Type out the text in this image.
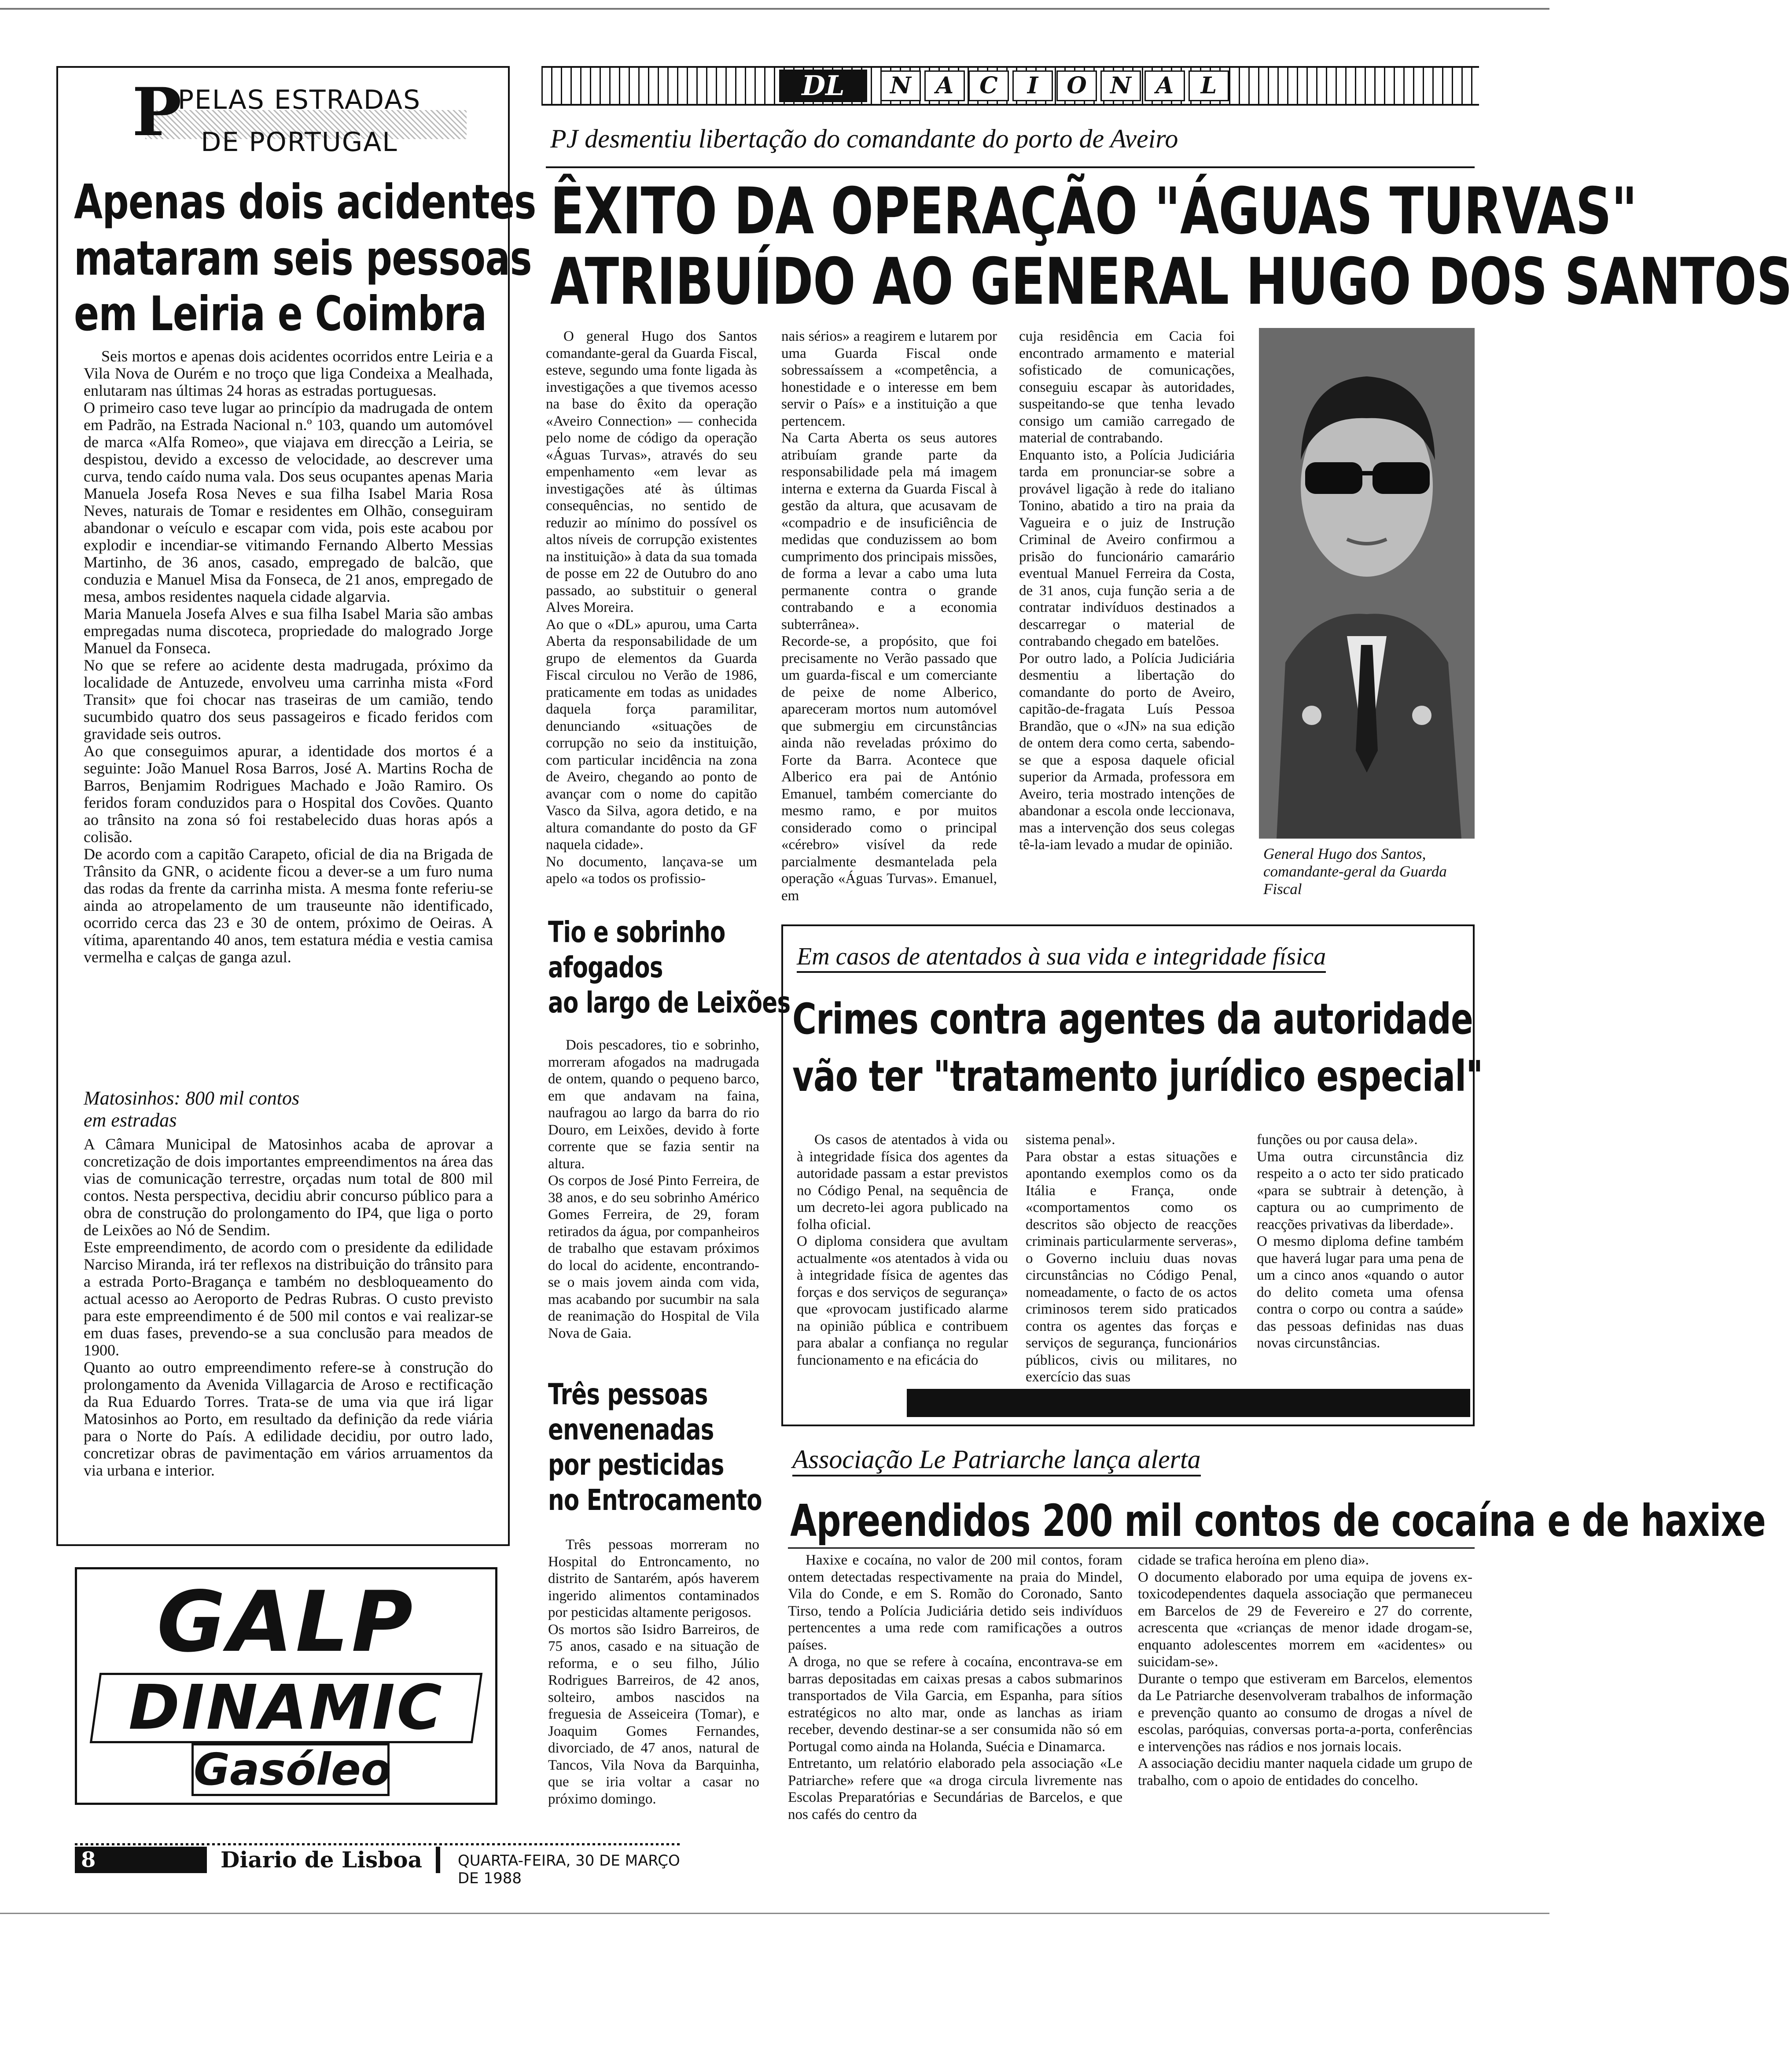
P
PELAS ESTRADAS
DE PORTUGAL
Apenas dois acidentes
mataram seis pessoas
em Leiria e Coimbra

Seis mortos e apenas dois acidentes ocorridos entre Leiria e a Vila Nova de Ourém e no troço que liga Condeixa a Mealhada, enlutaram nas últimas 24 horas as estradas portuguesas.
O primeiro caso teve lugar ao princípio da madrugada de ontem em Padrão, na Estrada Nacional n.º 103, quando um automóvel de marca «Alfa Romeo», que viajava em direcção a Leiria, se despistou, devido a excesso de velocidade, ao descrever uma curva, tendo caído numa vala. Dos seus ocupantes apenas Maria Manuela Josefa Rosa Neves e sua filha Isabel Maria Rosa Neves, naturais de Tomar e residentes em Olhão, conseguiram abandonar o veículo e escapar com vida, pois este acabou por explodir e incendiar-se vitimando Fernando Alberto Messias Martinho, de 36 anos, casado, empregado de balcão, que conduzia e Manuel Misa da Fonseca, de 21 anos, empregado de mesa, ambos residentes naquela cidade algarvia.
Maria Manuela Josefa Alves e sua filha Isabel Maria são ambas empregadas numa discoteca, propriedade do malogrado Jorge Manuel da Fonseca.
No que se refere ao acidente desta madrugada, próximo da localidade de Antuzede, envolveu uma carrinha mista «Ford Transit» que foi chocar nas traseiras de um camião, tendo sucumbido quatro dos seus passageiros e ficado feridos com gravidade seis outros.
Ao que conseguimos apurar, a identidade dos mortos é a seguinte: João Manuel Rosa Barros, José A. Martins Rocha de Barros, Benjamim Rodrigues Machado e João Ramiro. Os feridos foram conduzidos para o Hospital dos Covões. Quanto ao trânsito na zona só foi restabelecido duas horas após a colisão.
De acordo com a capitão Carapeto, oficial de dia na Brigada de Trânsito da GNR, o acidente ficou a dever-se a um furo numa das rodas da frente da carrinha mista. A mesma fonte referiu-se ainda ao atropelamento de um trauseunte não identificado, ocorrido cerca das 23 e 30 de ontem, próximo de Oeiras. A vítima, aparentando 40 anos, tem estatura média e vestia camisa vermelha e calças de ganga azul.

Matosinhos: 800 mil contos
em estradas

A Câmara Municipal de Matosinhos acaba de aprovar a concretização de dois importantes empreendimentos na área das vias de comunicação terrestre, orçadas num total de 800 mil contos. Nesta perspectiva, decidiu abrir concurso público para a obra de construção do prolongamento do IP4, que liga o porto de Leixões ao Nó de Sendim.
Este empreendimento, de acordo com o presidente da edilidade Narciso Miranda, irá ter reflexos na distribuição do trânsito para a estrada Porto-Bragança e também no desbloqueamento do actual acesso ao Aeroporto de Pedras Rubras. O custo previsto para este empreendimento é de 500 mil contos e vai realizar-se em duas fases, prevendo-se a sua conclusão para meados de 1900.
Quanto ao outro empreendimento refere-se à construção do prolongamento da Avenida Villagarcia de Aroso e rectificação da Rua Eduardo Torres. Trata-se de uma via que irá ligar Matosinhos ao Porto, em resultado da definição da rede viária para o Norte do País. A edilidade decidiu, por outro lado, concretizar obras de pavimentação em vários arruamentos da via urbana e interior.

GALP
DINAMIC
Gasóleo
8	Diario de Lisboa	QUARTA-FEIRA, 30 DE MARÇO DE 1988
DL	N A C I O N A L
PJ desmentiu libertação do comandante do porto de Aveiro
ÊXITO DA OPERAÇÃO "ÁGUAS TURVAS"
ATRIBUÍDO AO GENERAL HUGO DOS SANTOS

O general Hugo dos Santos comandante-geral da Guarda Fiscal, esteve, segundo uma fonte ligada às investigações a que tivemos acesso na base do êxito da operação «Aveiro Connection» — conhecida pelo nome de código da operação «Águas Turvas», através do seu empenhamento «em levar as investigações até às últimas consequências, no sentido de reduzir ao mínimo do possível os altos níveis de corrupção existentes na instituição» à data da sua tomada de posse em 22 de Outubro do ano passado, ao substituir o general Alves Moreira.
Ao que o «DL» apurou, uma Carta Aberta da responsabilidade de um grupo de elementos da Guarda Fiscal circulou no Verão de 1986, praticamente em todas as unidades daquela força paramilitar, denunciando «situações de corrupção no seio da instituição, com particular incidência na zona de Aveiro, chegando ao ponto de avançar com o nome do capitão Vasco da Silva, agora detido, e na altura comandante do posto da GF naquela cidade».
No documento, lançava-se um apelo «a todos os profissio-

nais sérios» a reagirem e lutarem por uma Guarda Fiscal onde sobressaíssem a «competência, a honestidade e o interesse em bem servir o País» e a instituição a que pertencem.
Na Carta Aberta os seus autores atribuíam grande parte da responsabilidade pela má imagem interna e externa da Guarda Fiscal à gestão da altura, que acusavam de «compadrio e de insuficiência de medidas que conduzissem ao bom cumprimento dos principais missões, de forma a levar a cabo uma luta permanente contra o grande contrabando e a economia subterrânea».
Recorde-se, a propósito, que foi precisamente no Verão passado que um guarda-fiscal e um comerciante de peixe de nome Alberico, apareceram mortos num automóvel que submergiu em circunstâncias ainda não reveladas próximo do Forte da Barra. Acontece que Alberico era pai de António Emanuel, também comerciante do mesmo ramo, e por muitos considerado como o principal «cérebro» visível da rede parcialmente desmantelada pela operação «Águas Turvas». Emanuel, em

cuja residência em Cacia foi encontrado armamento e material sofisticado de comunicações, conseguiu escapar às autoridades, suspeitando-se que tenha levado consigo um camião carregado de material de contrabando.
Enquanto isto, a Polícia Judiciária tarda em pronunciar-se sobre a provável ligação à rede do italiano Tonino, abatido a tiro na praia da Vagueira e o juiz de Instrução Criminal de Aveiro confirmou a prisão do funcionário camarário eventual Manuel Ferreira da Costa, de 31 anos, cuja função seria a de contratar indivíduos destinados a descarregar o material de contrabando chegado em batelões.
Por outro lado, a Polícia Judiciária desmentiu a libertação do comandante do porto de Aveiro, capitão-de-fragata Luís Pessoa Brandão, que o «JN» na sua edição de ontem dera como certa, sabendo-se que a esposa daquele oficial superior da Armada, professora em Aveiro, teria mostrado intenções de abandonar a escola onde leccionava, mas a intervenção dos seus colegas tê-la-iam levado a mudar de opinião.

General Hugo dos Santos, comandante-geral da Guarda Fiscal
Tio e sobrinho
afogados
ao largo de Leixões

Dois pescadores, tio e sobrinho, morreram afogados na madrugada de ontem, quando o pequeno barco, em que andavam na faina, naufragou ao largo da barra do rio Douro, em Leixões, devido à forte corrente que se fazia sentir na altura.
Os corpos de José Pinto Ferreira, de 38 anos, e do seu sobrinho Américo Gomes Ferreira, de 29, foram retirados da água, por companheiros de trabalho que estavam próximos do local do acidente, encontrando-se o mais jovem ainda com vida, mas acabando por sucumbir na sala de reanimação do Hospital de Vila Nova de Gaia.

Três pessoas
envenenadas
por pesticidas
no Entrocamento

Três pessoas morreram no Hospital do Entroncamento, no distrito de Santarém, após haverem ingerido alimentos contaminados por pesticidas altamente perigosos.
Os mortos são Isidro Barreiros, de 75 anos, casado e na situação de reforma, e o seu filho, Júlio Rodrigues Barreiros, de 42 anos, solteiro, ambos nascidos na freguesia de Asseiceira (Tomar), e Joaquim Gomes Fernandes, divorciado, de 47 anos, natural de Tancos, Vila Nova da Barquinha, que se iria voltar a casar no próximo domingo.

Em casos de atentados à sua vida e integridade física
Crimes contra agentes da autoridade
vão ter "tratamento jurídico especial"

Os casos de atentados à vida ou à integridade física dos agentes da autoridade passam a estar previstos no Código Penal, na sequência de um decreto-lei agora publicado na folha oficial.
O diploma considera que avultam actualmente «os atentados à vida ou à integridade física de agentes das forças e dos serviços de segurança» que «provocam justificado alarme na opinião pública e contribuem para abalar a confiança no regular funcionamento e na eficácia do

sistema penal».
Para obstar a estas situações e apontando exemplos como os da Itália e França, onde «comportamentos como os descritos são objecto de reacções criminais particularmente serveras», o Governo incluiu duas novas circunstâncias no Código Penal, nomeadamente, o facto de os actos criminosos terem sido praticados contra os agentes das forças e serviços de segurança, funcionários públicos, civis ou militares, no exercício das suas

funções ou por causa dela».
Uma outra circunstância diz respeito a o acto ter sido praticado «para se subtrair à detenção, à captura ou ao cumprimento de reacções privativas da liberdade».
O mesmo diploma define também que haverá lugar para uma pena de um a cinco anos «quando o autor do delito cometa uma ofensa contra o corpo ou contra a saúde» das pessoas definidas nas duas novas circunstâncias.

Associação Le Patriarche lança alerta
Apreendidos 200 mil contos de cocaína e de haxixe

Haxixe e cocaína, no valor de 200 mil contos, foram ontem detectadas respectivamente na praia do Mindel, Vila do Conde, e em S. Romão do Coronado, Santo Tirso, tendo a Polícia Judiciária detido seis indivíduos pertencentes a uma rede com ramificações a outros países.
A droga, no que se refere à cocaína, encontrava-se em barras depositadas em caixas presas a cabos submarinos transportados de Vila Garcia, em Espanha, para sítios estratégicos no alto mar, onde as lanchas as iriam receber, devendo destinar-se a ser consumida não só em Portugal como ainda na Holanda, Suécia e Dinamarca.
Entretanto, um relatório elaborado pela associação «Le Patriarche» refere que «a droga circula livremente nas Escolas Preparatórias e Secundárias de Barcelos, e que nos cafés do centro da

cidade se trafica heroína em pleno dia».
O documento elaborado por uma equipa de jovens ex-toxicodependentes daquela associação que permaneceu em Barcelos de 29 de Fevereiro e 27 do corrente, acrescenta que «crianças de menor idade drogam-se, enquanto adolescentes morrem em «acidentes» ou suicidam-se».
Durante o tempo que estiveram em Barcelos, elementos da Le Patriarche desenvolveram trabalhos de informação e prevenção quanto ao consumo de drogas a nível de escolas, paróquias, conversas porta-a-porta, conferências e intervenções nas rádios e nos jornais locais.
A associação decidiu manter naquela cidade um grupo de trabalho, com o apoio de entidades do concelho.
